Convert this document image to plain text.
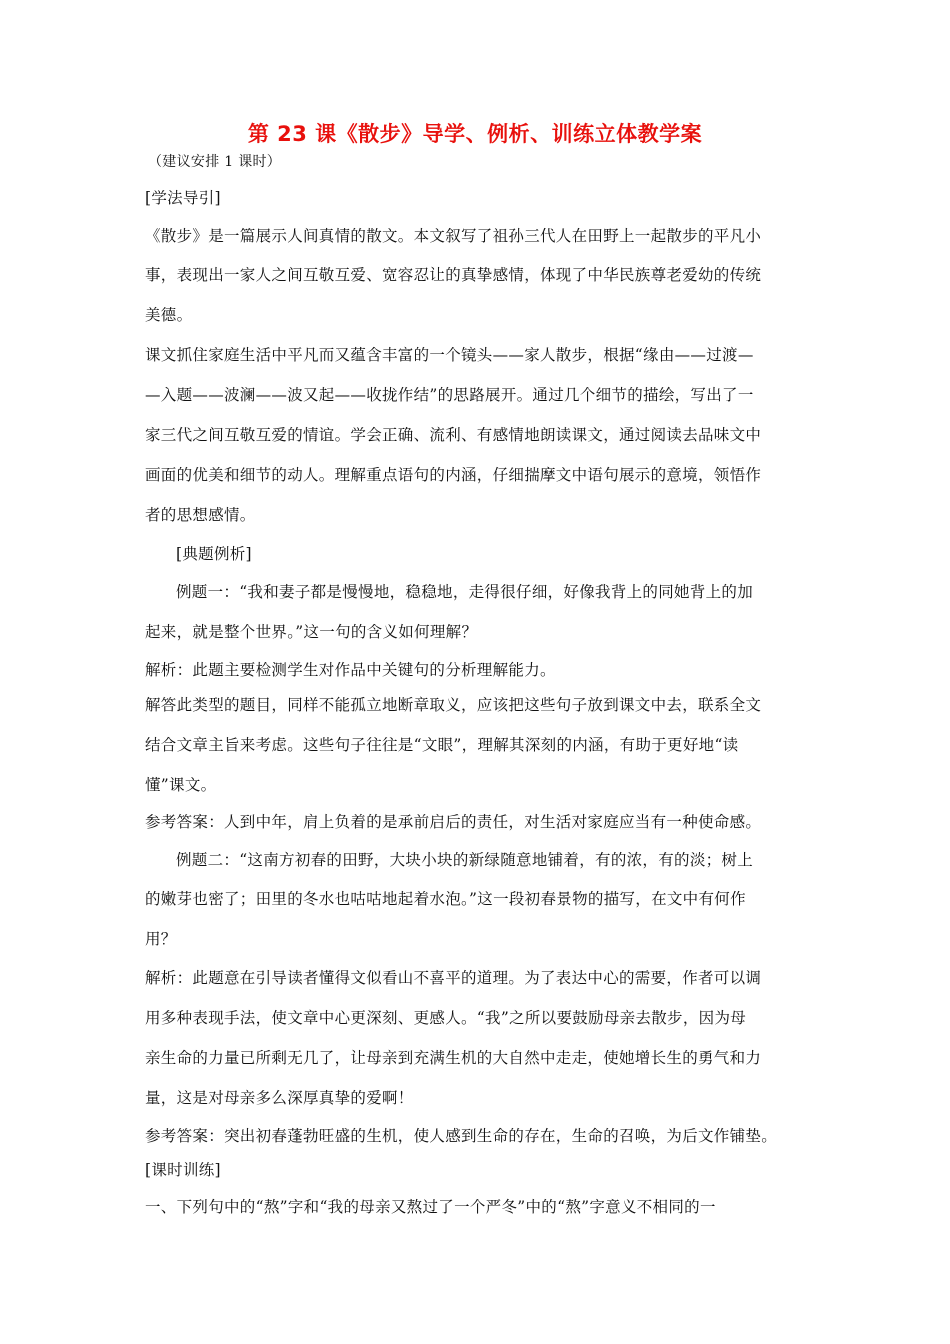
第 23 课《散步》导学、例析、训练立体教学案
（建议安排 1 课时）
[学法导引]
《散步》是一篇展示人间真情的散文。本文叙写了祖孙三代人在田野上一起散步的平凡小
事，表现出一家人之间互敬互爱、宽容忍让的真挚感情，体现了中华民族尊老爱幼的传统
美德。
课文抓住家庭生活中平凡而又蕴含丰富的一个镜头——家人散步，根据“缘由——过渡—
—入题——波澜——波又起——收拢作结”的思路展开。通过几个细节的描绘，写出了一
家三代之间互敬互爱的情谊。学会正确、流利、有感情地朗读课文，通过阅读去品味文中
画面的优美和细节的动人。理解重点语句的内涵，仔细揣摩文中语句展示的意境，领悟作
者的思想感情。
[典题例析]
例题一：“我和妻子都是慢慢地，稳稳地，走得很仔细，好像我背上的同她背上的加
起来，就是整个世界。”这一句的含义如何理解？
解析：此题主要检测学生对作品中关键句的分析理解能力。
解答此类型的题目，同样不能孤立地断章取义，应该把这些句子放到课文中去，联系全文
结合文章主旨来考虑。这些句子往往是“文眼”，理解其深刻的内涵，有助于更好地“读
懂”课文。
参考答案：人到中年，肩上负着的是承前启后的责任，对生活对家庭应当有一种使命感。
例题二：“这南方初春的田野，大块小块的新绿随意地铺着，有的浓，有的淡；树上
的嫩芽也密了；田里的冬水也咕咕地起着水泡。”这一段初春景物的描写，在文中有何作
用？
解析：此题意在引导读者懂得文似看山不喜平的道理。为了表达中心的需要，作者可以调
用多种表现手法，使文章中心更深刻、更感人。“我”之所以要鼓励母亲去散步，因为母
亲生命的力量已所剩无几了，让母亲到充满生机的大自然中走走，使她增长生的勇气和力
量，这是对母亲多么深厚真挚的爱啊！
参考答案：突出初春蓬勃旺盛的生机，使人感到生命的存在，生命的召唤，为后文作铺垫。
[课时训练]
一、下列句中的“熬”字和“我的母亲又熬过了一个严冬”中的“熬”字意义不相同的一
